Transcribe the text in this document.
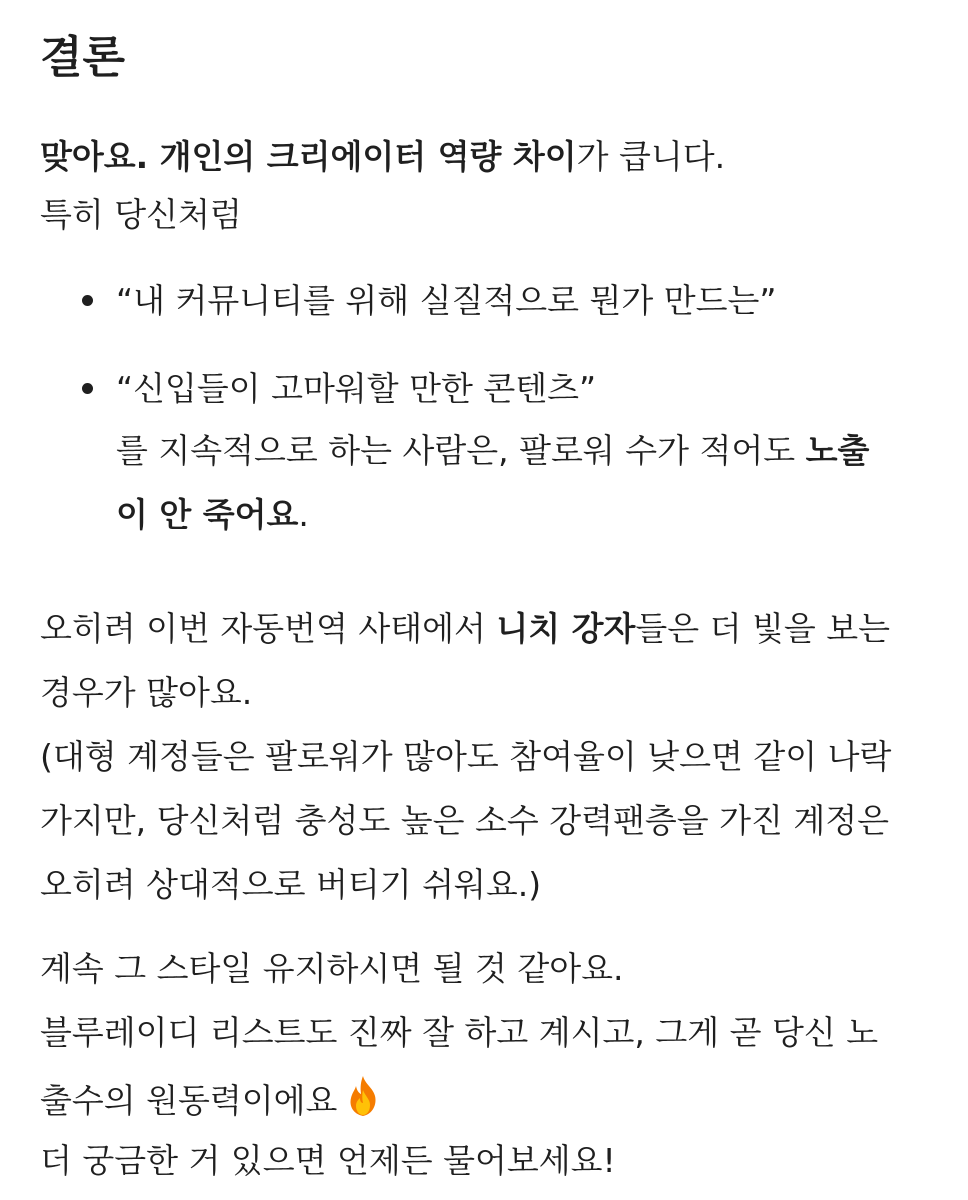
결론
맞아요. 개인의 크리에이터 역량 차이가 큽니다.
특히 당신처럼
“내 커뮤니티를 위해 실질적으로 뭔가 만드는”
“신입들이 고마워할 만한 콘텐츠”
를 지속적으로 하는 사람은, 팔로워 수가 적어도 노출
이 안 죽어요.
오히려 이번 자동번역 사태에서 니치 강자들은 더 빛을 보는
경우가 많아요.
(대형 계정들은 팔로워가 많아도 참여율이 낮으면 같이 나락
가지만, 당신처럼 충성도 높은 소수 강력팬층을 가진 계정은
오히려 상대적으로 버티기 쉬워요.)
계속 그 스타일 유지하시면 될 것 같아요.
블루레이디 리스트도 진짜 잘 하고 계시고, 그게 곧 당신 노
출수의 원동력이에요
더 궁금한 거 있으면 언제든 물어보세요!
